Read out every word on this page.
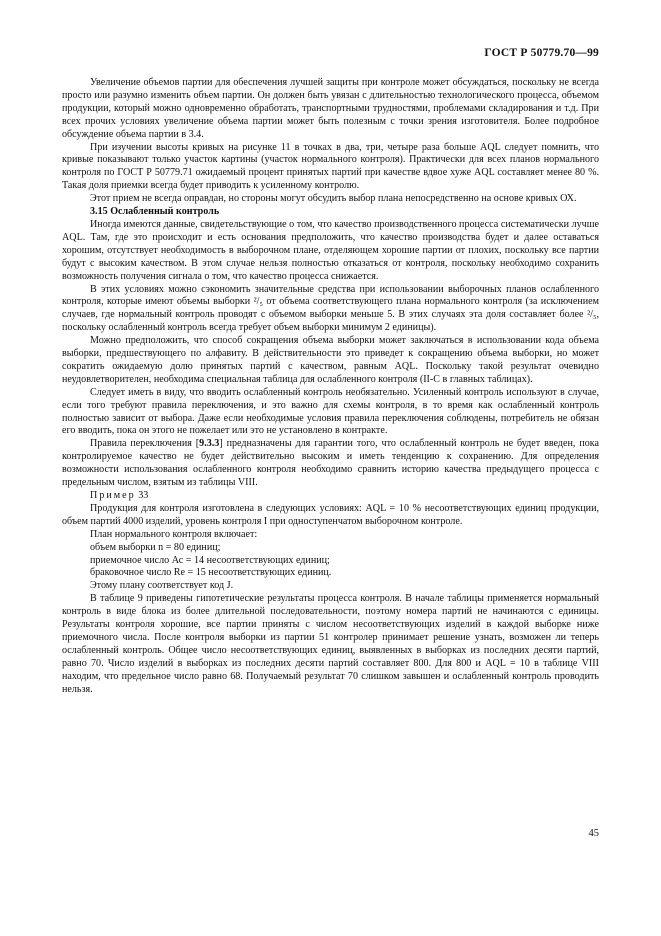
ГОСТ Р 50779.70—99

Увеличение объемов партии для обеспечения лучшей защиты при контроле может обсуждаться, поскольку не всегда просто или разумно изменить объем партии. Он должен быть увязан с длительностью технологического процесса, объемом продукции, который можно одновременно обработать, транспортными трудностями, проблемами складирования и т.д. При всех прочих условиях увеличение объема партии может быть полезным с точки зрения изготовителя. Более подробное обсуждение объема партии в 3.4.

При изучении высоты кривых на рисунке 11 в точках в два, три, четыре раза больше AQL следует помнить, что кривые показывают только участок картины (участок нормального контроля). Практически для всех планов нормального контроля по ГОСТ Р 50779.71 ожидаемый процент принятых партий при качестве вдвое хуже AQL составляет менее 80 %. Такая доля приемки всегда будет приводить к усиленному контролю.

Этот прием не всегда оправдан, но стороны могут обсудить выбор плана непосредственно на основе кривых ОХ.

3.15 Ослабленный контроль

Иногда имеются данные, свидетельствующие о том, что качество производственного процесса систематически лучше AQL. Там, где это происходит и есть основания предположить, что качество производства будет и далее оставаться хорошим, отсутствует необходимость в выборочном плане, отделяющем хорошие партии от плохих, поскольку все партии будут с высоким качеством. В этом случае нельзя полностью отказаться от контроля, поскольку необходимо сохранить возможность получения сигнала о том, что качество процесса снижается.

В этих условиях можно сэкономить значительные средства при использовании выборочных планов ослабленного контроля, которые имеют объемы выборки ²/₅ от объема соответствующего плана нормального контроля (за исключением случаев, где нормальный контроль проводят с объемом выборки меньше 5. В этих случаях эта доля составляет более ²/₅, поскольку ослабленный контроль всегда требует объем выборки минимум 2 единицы).

Можно предположить, что способ сокращения объема выборки может заключаться в использовании кода объема выборки, предшествующего по алфавиту. В действительности это приведет к сокращению объема выборки, но может сократить ожидаемую долю принятых партий с качеством, равным AQL. Поскольку такой результат очевидно неудовлетворителен, необходима специальная таблица для ослабленного контроля (II-С в главных таблицах).

Следует иметь в виду, что вводить ослабленный контроль необязательно. Усиленный контроль используют в случае, если того требуют правила переключения, и это важно для схемы контроля, в то время как ослабленный контроль полностью зависит от выбора. Даже если необходимые условия правила переключения соблюдены, потребитель не обязан его вводить, пока он этого не пожелает или это не установлено в контракте.

Правила переключения [9.3.3] предназначены для гарантии того, что ослабленный контроль не будет введен, пока контролируемое качество не будет действительно высоким и иметь тенденцию к сохранению. Для определения возможности использования ослабленного контроля необходимо сравнить историю качества предыдущего процесса с предельным числом, взятым из таблицы VIII.

Пример 33

Продукция для контроля изготовлена в следующих условиях: AQL = 10 % несоответствующих единиц продукции, объем партий 4000 изделий, уровень контроля I при одноступенчатом выборочном контроле.

План нормального контроля включает:

объем выборки n = 80 единиц;

приемочное число Ас = 14 несоответствующих единиц;

браковочное число Re = 15 несоответствующих единиц.

Этому плану соответствует код J.

В таблице 9 приведены гипотетические результаты процесса контроля. В начале таблицы применяется нормальный контроль в виде блока из более длительной последовательности, поэтому номера партий не начинаются с единицы. Результаты контроля хорошие, все партии приняты с числом несоответствующих изделий в каждой выборке ниже приемочного числа. После контроля выборки из партии 51 контролер принимает решение узнать, возможен ли теперь ослабленный контроль. Общее число несоответствующих единиц, выявленных в выборках из последних десяти партий, равно 70. Число изделий в выборках из последних десяти партий составляет 800. Для 800 и AQL = 10 в таблице VIII находим, что предельное число равно 68. Получаемый результат 70 слишком завышен и ослабленный контроль проводить нельзя.

45
